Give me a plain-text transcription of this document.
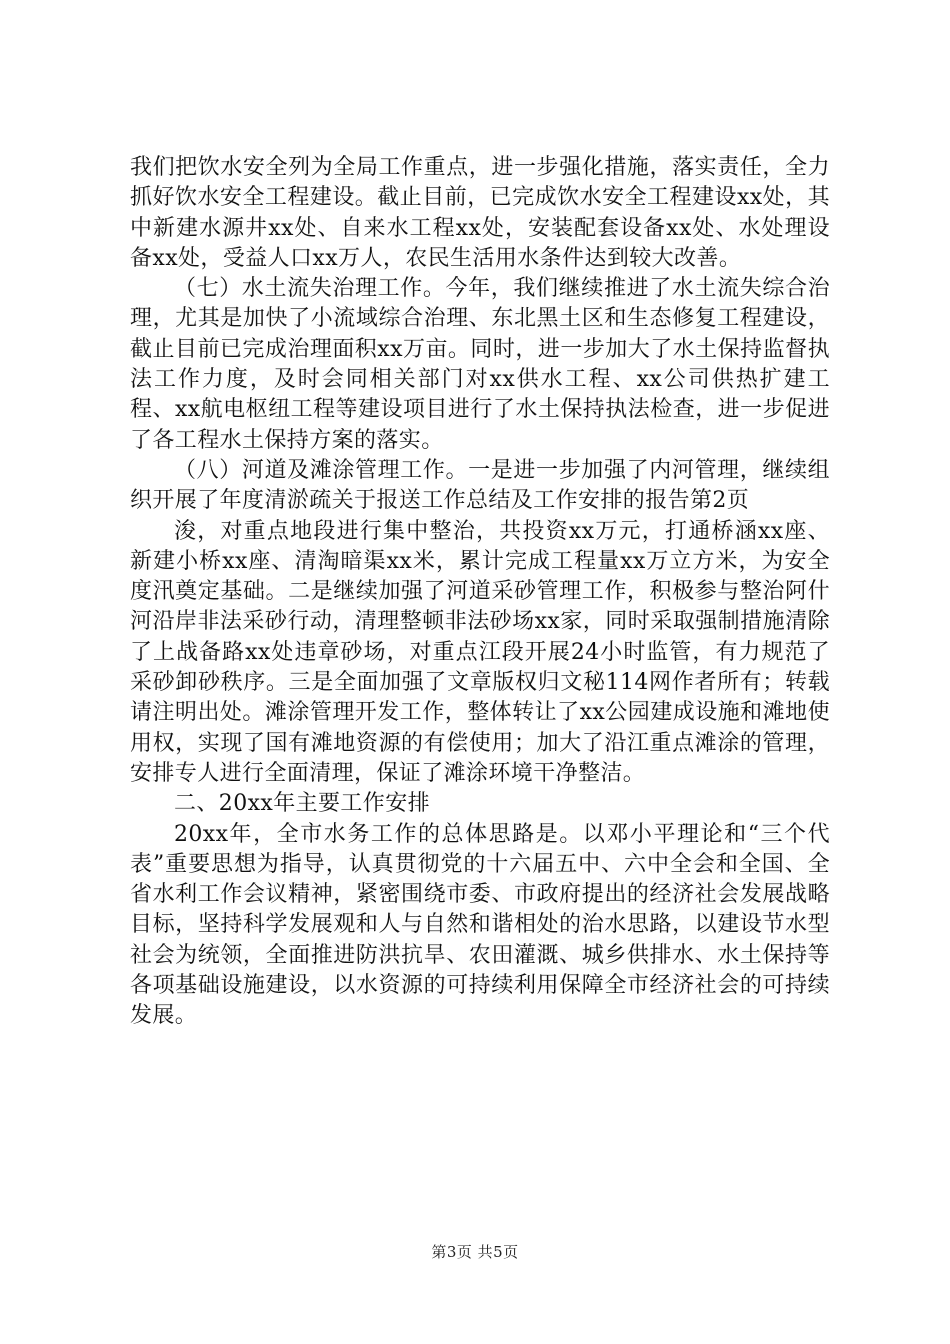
我们把饮水安全列为全局工作重点，进一步强化措施，落实责任，全力抓好饮水安全工程建设。截止目前，已完成饮水安全工程建设xx处，其中新建水源井xx处、自来水工程xx处，安装配套设备xx处、水处理设备xx处，受益人口xx万人，农民生活用水条件达到较大改善。

（七）水土流失治理工作。今年，我们继续推进了水土流失综合治理，尤其是加快了小流域综合治理、东北黑土区和生态修复工程建设，截止目前已完成治理面积xx万亩。同时，进一步加大了水土保持监督执法工作力度，及时会同相关部门对xx供水工程、xx公司供热扩建工程、xx航电枢纽工程等建设项目进行了水土保持执法检查，进一步促进了各工程水土保持方案的落实。

（八）河道及滩涂管理工作。一是进一步加强了内河管理，继续组织开展了年度清淤疏关于报送工作总结及工作安排的报告第2页

浚，对重点地段进行集中整治，共投资xx万元，打通桥涵xx座、新建小桥xx座、清淘暗渠xx米，累计完成工程量xx万立方米，为安全度汛奠定基础。二是继续加强了河道采砂管理工作，积极参与整治阿什河沿岸非法采砂行动，清理整顿非法砂场xx家，同时采取强制措施清除了上战备路xx处违章砂场，对重点江段开展24小时监管，有力规范了采砂卸砂秩序。三是全面加强了文章版权归文秘114网作者所有；转载请注明出处。滩涂管理开发工作，整体转让了xx公园建成设施和滩地使用权，实现了国有滩地资源的有偿使用；加大了沿江重点滩涂的管理，安排专人进行全面清理，保证了滩涂环境干净整洁。

二、20xx年主要工作安排

20xx年，全市水务工作的总体思路是。以邓小平理论和“三个代表”重要思想为指导，认真贯彻党的十六届五中、六中全会和全国、全省水利工作会议精神，紧密围绕市委、市政府提出的经济社会发展战略目标，坚持科学发展观和人与自然和谐相处的治水思路，以建设节水型社会为统领，全面推进防洪抗旱、农田灌溉、城乡供排水、水土保持等各项基础设施建设，以水资源的可持续利用保障全市经济社会的可持续发展。

第3页 共5页
